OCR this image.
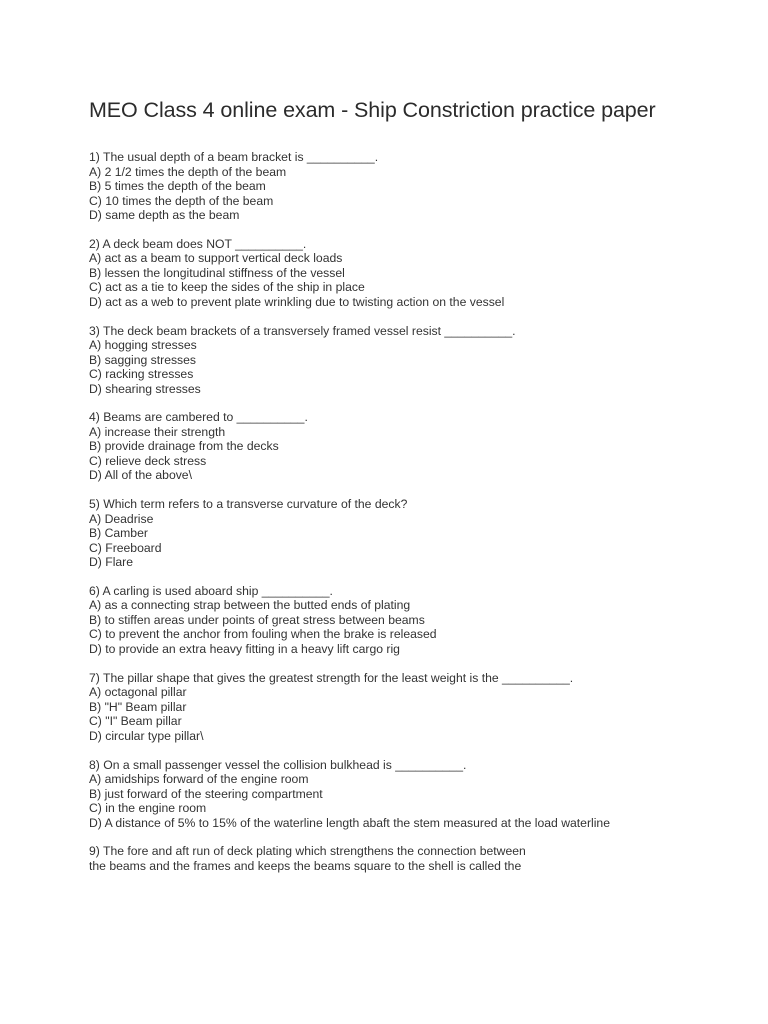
MEO Class 4 online exam - Ship Constriction practice paper
1) The usual depth of a beam bracket is __________.
A) 2 1/2 times the depth of the beam
B) 5 times the depth of the beam
C) 10 times the depth of the beam
D) same depth as the beam
2) A deck beam does NOT __________.
A) act as a beam to support vertical deck loads
B) lessen the longitudinal stiffness of the vessel
C) act as a tie to keep the sides of the ship in place
D) act as a web to prevent plate wrinkling due to twisting action on the vessel
3) The deck beam brackets of a transversely framed vessel resist __________.
A) hogging stresses
B) sagging stresses
C) racking stresses
D) shearing stresses
4) Beams are cambered to __________.
A) increase their strength
B) provide drainage from the decks
C) relieve deck stress
D) All of the above\
5) Which term refers to a transverse curvature of the deck?
A) Deadrise
B) Camber
C) Freeboard
D) Flare
6) A carling is used aboard ship __________.
A) as a connecting strap between the butted ends of plating
B) to stiffen areas under points of great stress between beams
C) to prevent the anchor from fouling when the brake is released
D) to provide an extra heavy fitting in a heavy lift cargo rig
7) The pillar shape that gives the greatest strength for the least weight is the __________.
A) octagonal pillar
B) "H" Beam pillar
C) "I" Beam pillar
D) circular type pillar\
8) On a small passenger vessel the collision bulkhead is __________.
A) amidships forward of the engine room
B) just forward of the steering compartment
C) in the engine room
D) A distance of 5% to 15% of the waterline length abaft the stem measured at the load waterline
9) The fore and aft run of deck plating which strengthens the connection between
the beams and the frames and keeps the beams square to the shell is called the
